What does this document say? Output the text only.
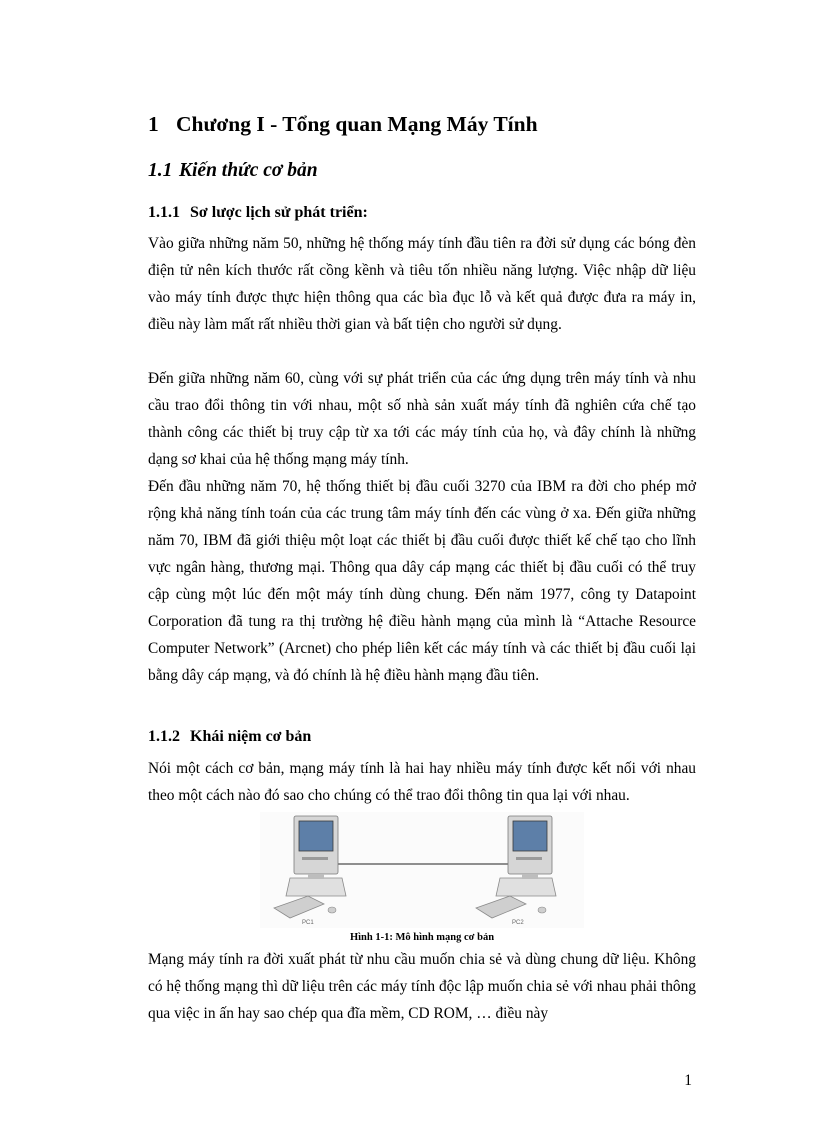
1 Chương I - Tổng quan Mạng Máy Tính
1.1 Kiến thức cơ bản
1.1.1 Sơ lược lịch sử phát triển:

Vào giữa những năm 50, những hệ thống máy tính đầu tiên ra đời sử dụng các bóng đèn điện tử nên kích thước rất cồng kềnh và tiêu tốn nhiều năng lượng. Việc nhập dữ liệu vào máy tính được thực hiện thông qua các bìa đục lỗ và kết quả được đưa ra máy in, điều này làm mất rất nhiều thời gian và bất tiện cho người sử dụng.

Đến giữa những năm 60, cùng với sự phát triển của các ứng dụng trên máy tính và nhu cầu trao đổi thông tin với nhau, một số nhà sản xuất máy tính đã nghiên cứa chế tạo thành công các thiết bị truy cập từ xa tới các máy tính của họ, và đây chính là những dạng sơ khai của hệ thống mạng máy tính.

Đến đầu những năm 70, hệ thống thiết bị đầu cuối 3270 của IBM ra đời cho phép mở rộng khả năng tính toán của các trung tâm máy tính đến các vùng ở xa. Đến giữa những năm 70, IBM đã giới thiệu một loạt các thiết bị đầu cuối được thiết kế chế tạo cho lĩnh vực ngân hàng, thương mại. Thông qua dây cáp mạng các thiết bị đầu cuối có thể truy cập cùng một lúc đến một máy tính dùng chung. Đến năm 1977, công ty Datapoint Corporation đã tung ra thị trường hệ điều hành mạng của mình là “Attache Resource Computer Network” (Arcnet) cho phép liên kết các máy tính và các thiết bị đầu cuối lại bằng dây cáp mạng, và đó chính là hệ điều hành mạng đầu tiên.

1.1.2 Khái niệm cơ bản

Nói một cách cơ bản, mạng máy tính là hai hay nhiều máy tính được kết nối với nhau theo một cách nào đó sao cho chúng có thể trao đổi thông tin qua lại với nhau.

PC1	PC2
Hình 1-1: Mô hình mạng cơ bản

Mạng máy tính ra đời xuất phát từ nhu cầu muốn chia sẻ và dùng chung dữ liệu. Không có hệ thống mạng thì dữ liệu trên các máy tính độc lập muốn chia sẻ với nhau phải thông qua việc in ấn hay sao chép qua đĩa mềm, CD ROM, … điều này

1
